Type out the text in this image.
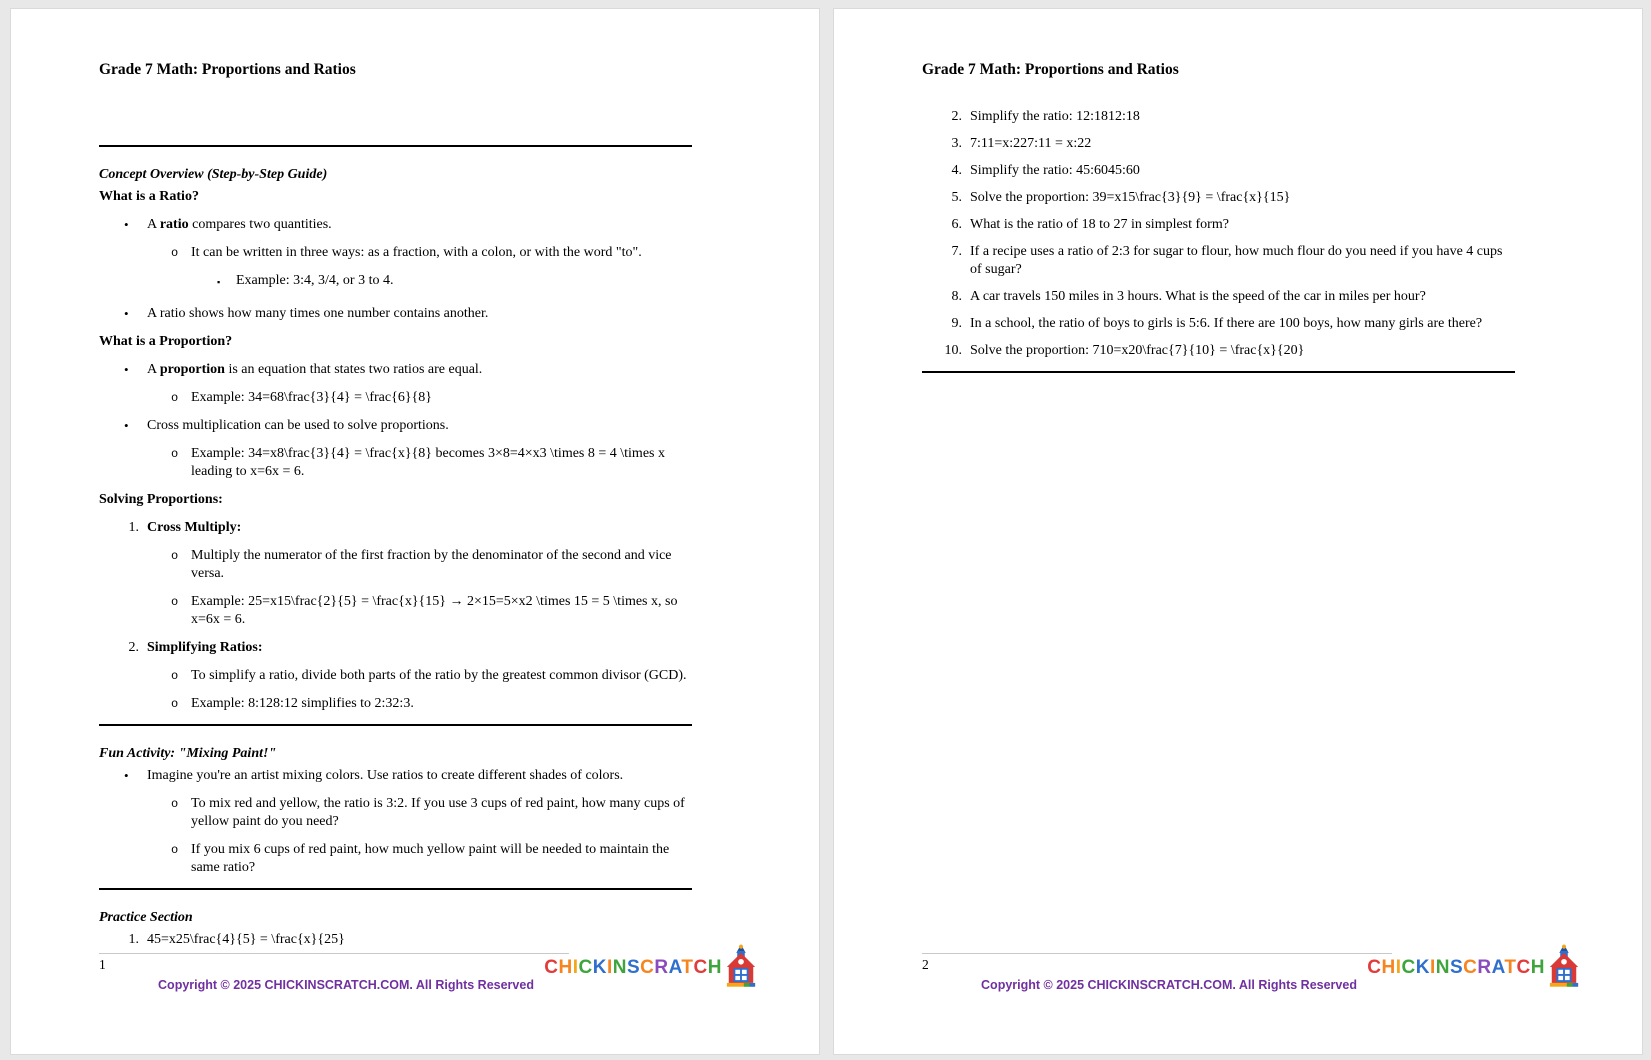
Grade 7 Math: Proportions and Ratios
Concept Overview (Step-by-Step Guide)
What is a Ratio?
• A ratio compares two quantities.
o It can be written in three ways: as a fraction, with a colon, or with the word "to".
▪ Example: 3:4, 3/4, or 3 to 4.
• A ratio shows how many times one number contains another.
What is a Proportion?
• A proportion is an equation that states two ratios are equal.
o Example: 34=68\frac{3}{4} = \frac{6}{8}
• Cross multiplication can be used to solve proportions.
o Example: 34=x8\frac{3}{4} = \frac{x}{8} becomes 3×8=4×x3 \times 8 = 4 \times x leading to x=6x = 6.
Solving Proportions:
1. Cross Multiply:
o Multiply the numerator of the first fraction by the denominator of the second and vice versa.
o Example: 25=x15\frac{2}{5} = \frac{x}{15} → 2×15=5×x2 \times 15 = 5 \times x, so x=6x = 6.
2. Simplifying Ratios:
o To simplify a ratio, divide both parts of the ratio by the greatest common divisor (GCD).
o Example: 8:128:12 simplifies to 2:32:3.
Fun Activity: "Mixing Paint!"
• Imagine you're an artist mixing colors. Use ratios to create different shades of colors.
o To mix red and yellow, the ratio is 3:2. If you use 3 cups of red paint, how many cups of yellow paint do you need?
o If you mix 6 cups of red paint, how much yellow paint will be needed to maintain the same ratio?
Practice Section
1. 45=x25\frac{4}{5} = \frac{x}{25}
1
Copyright © 2025 CHICKINSCRATCH.COM. All Rights Reserved
CHICKINSCRATCH
Grade 7 Math: Proportions and Ratios
2. Simplify the ratio: 12:1812:18
3. 7:11=x:227:11 = x:22
4. Simplify the ratio: 45:6045:60
5. Solve the proportion: 39=x15\frac{3}{9} = \frac{x}{15}
6. What is the ratio of 18 to 27 in simplest form?
7. If a recipe uses a ratio of 2:3 for sugar to flour, how much flour do you need if you have 4 cups of sugar?
8. A car travels 150 miles in 3 hours. What is the speed of the car in miles per hour?
9. In a school, the ratio of boys to girls is 5:6. If there are 100 boys, how many girls are there?
10. Solve the proportion: 710=x20\frac{7}{10} = \frac{x}{20}
2
Copyright © 2025 CHICKINSCRATCH.COM. All Rights Reserved
CHICKINSCRATCH
